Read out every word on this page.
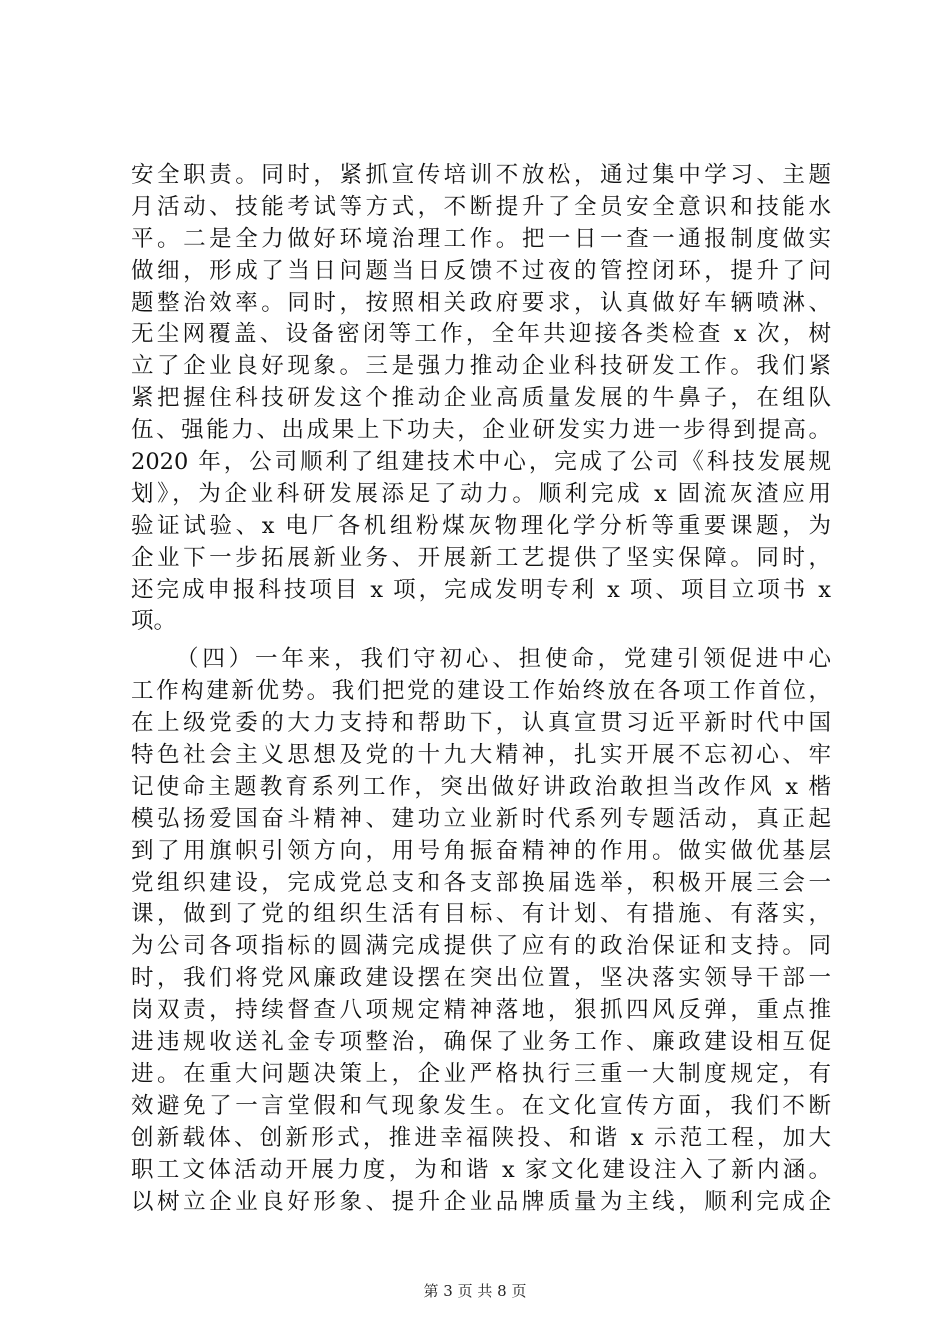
安全职责。同时，紧抓宣传培训不放松，通过集中学习、主题
月活动、技能考试等方式，不断提升了全员安全意识和技能水
平。二是全力做好环境治理工作。把一日一查一通报制度做实
做细，形成了当日问题当日反馈不过夜的管控闭环，提升了问
题整治效率。同时，按照相关政府要求，认真做好车辆喷淋、
无尘网覆盖、设备密闭等工作，全年共迎接各类检查 x 次，树
立了企业良好现象。三是强力推动企业科技研发工作。我们紧
紧把握住科技研发这个推动企业高质量发展的牛鼻子，在组队
伍、强能力、出成果上下功夫，企业研发实力进一步得到提高。
2020 年，公司顺利了组建技术中心，完成了公司《科技发展规
划》，为企业科研发展添足了动力。顺利完成 x 固流灰渣应用
验证试验、x 电厂各机组粉煤灰物理化学分析等重要课题，为
企业下一步拓展新业务、开展新工艺提供了坚实保障。同时，
还完成申报科技项目 x 项，完成发明专利 x 项、项目立项书 x
项。
（四）一年来，我们守初心、担使命，党建引领促进中心
工作构建新优势。我们把党的建设工作始终放在各项工作首位，
在上级党委的大力支持和帮助下，认真宣贯习近平新时代中国
特色社会主义思想及党的十九大精神，扎实开展不忘初心、牢
记使命主题教育系列工作，突出做好讲政治敢担当改作风 x 楷
模弘扬爱国奋斗精神、建功立业新时代系列专题活动，真正起
到了用旗帜引领方向，用号角振奋精神的作用。做实做优基层
党组织建设，完成党总支和各支部换届选举，积极开展三会一
课，做到了党的组织生活有目标、有计划、有措施、有落实，
为公司各项指标的圆满完成提供了应有的政治保证和支持。同
时，我们将党风廉政建设摆在突出位置，坚决落实领导干部一
岗双责，持续督查八项规定精神落地，狠抓四风反弹，重点推
进违规收送礼金专项整治，确保了业务工作、廉政建设相互促
进。在重大问题决策上，企业严格执行三重一大制度规定，有
效避免了一言堂假和气现象发生。在文化宣传方面，我们不断
创新载体、创新形式，推进幸福陕投、和谐 x 示范工程，加大
职工文体活动开展力度，为和谐 x 家文化建设注入了新内涵。
以树立企业良好形象、提升企业品牌质量为主线，顺利完成企
第 3 页 共 8 页
